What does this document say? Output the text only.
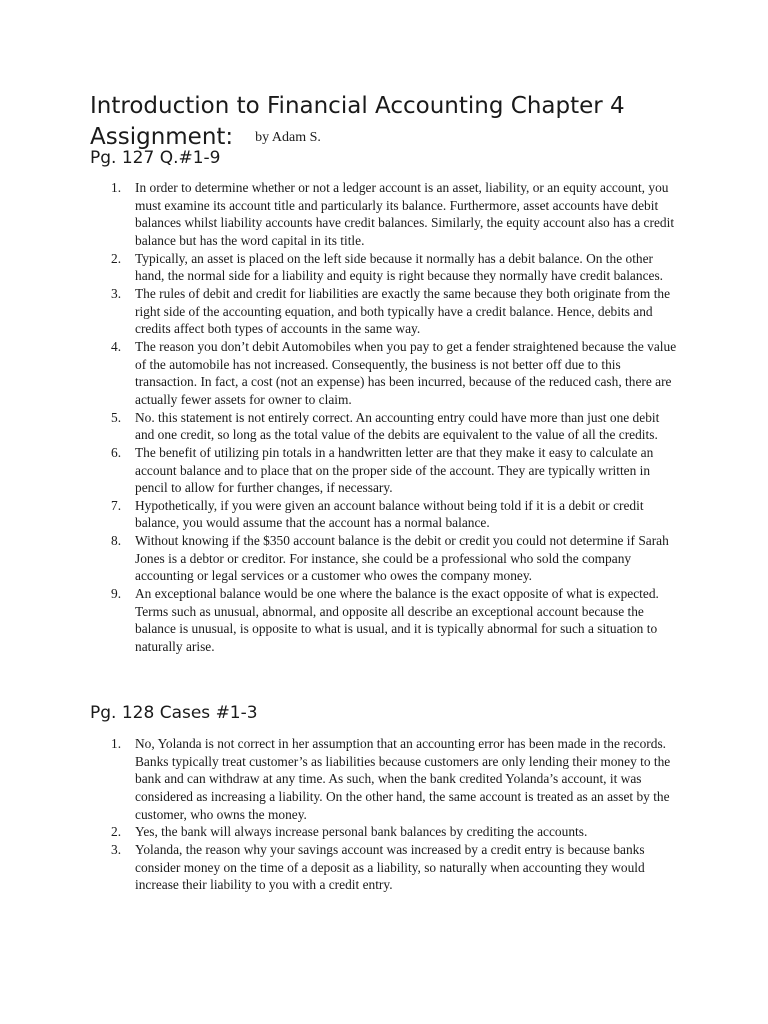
Introduction to Financial Accounting Chapter 4 Assignment: by Adam S.
Pg. 127 Q.#1-9
1.	In order to determine whether or not a ledger account is an asset, liability, or an equity account, you must examine its account title and particularly its balance. Furthermore, asset accounts have debit balances whilst liability accounts have credit balances. Similarly, the equity account also has a credit balance but has the word capital in its title.
2.	Typically, an asset is placed on the left side because it normally has a debit balance. On the other hand, the normal side for a liability and equity is right because they normally have credit balances.
3.	The rules of debit and credit for liabilities are exactly the same because they both originate from the right side of the accounting equation, and both typically have a credit balance. Hence, debits and credits affect both types of accounts in the same way.
4.	The reason you don’t debit Automobiles when you pay to get a fender straightened because the value of the automobile has not increased. Consequently, the business is not better off due to this transaction. In fact, a cost (not an expense) has been incurred, because of the reduced cash, there are actually fewer assets for owner to claim.
5.	No. this statement is not entirely correct. An accounting entry could have more than just one debit and one credit, so long as the total value of the debits are equivalent to the value of all the credits.
6.	The benefit of utilizing pin totals in a handwritten letter are that they make it easy to calculate an account balance and to place that on the proper side of the account. They are typically written in pencil to allow for further changes, if necessary.
7.	Hypothetically, if you were given an account balance without being told if it is a debit or credit balance, you would assume that the account has a normal balance.
8.	Without knowing if the $350 account balance is the debit or credit you could not determine if Sarah Jones is a debtor or creditor. For instance, she could be a professional who sold the company accounting or legal services or a customer who owes the company money.
9.	An exceptional balance would be one where the balance is the exact opposite of what is expected. Terms such as unusual, abnormal, and opposite all describe an exceptional account because the balance is unusual, is opposite to what is usual, and it is typically abnormal for such a situation to naturally arise.
Pg. 128 Cases #1-3
1.	No, Yolanda is not correct in her assumption that an accounting error has been made in the records. Banks typically treat customer’s as liabilities because customers are only lending their money to the bank and can withdraw at any time. As such, when the bank credited Yolanda’s account, it was considered as increasing a liability. On the other hand, the same account is treated as an asset by the customer, who owns the money.
2.	Yes, the bank will always increase personal bank balances by crediting the accounts.
3.	Yolanda, the reason why your savings account was increased by a credit entry is because banks consider money on the time of a deposit as a liability, so naturally when accounting they would increase their liability to you with a credit entry.
